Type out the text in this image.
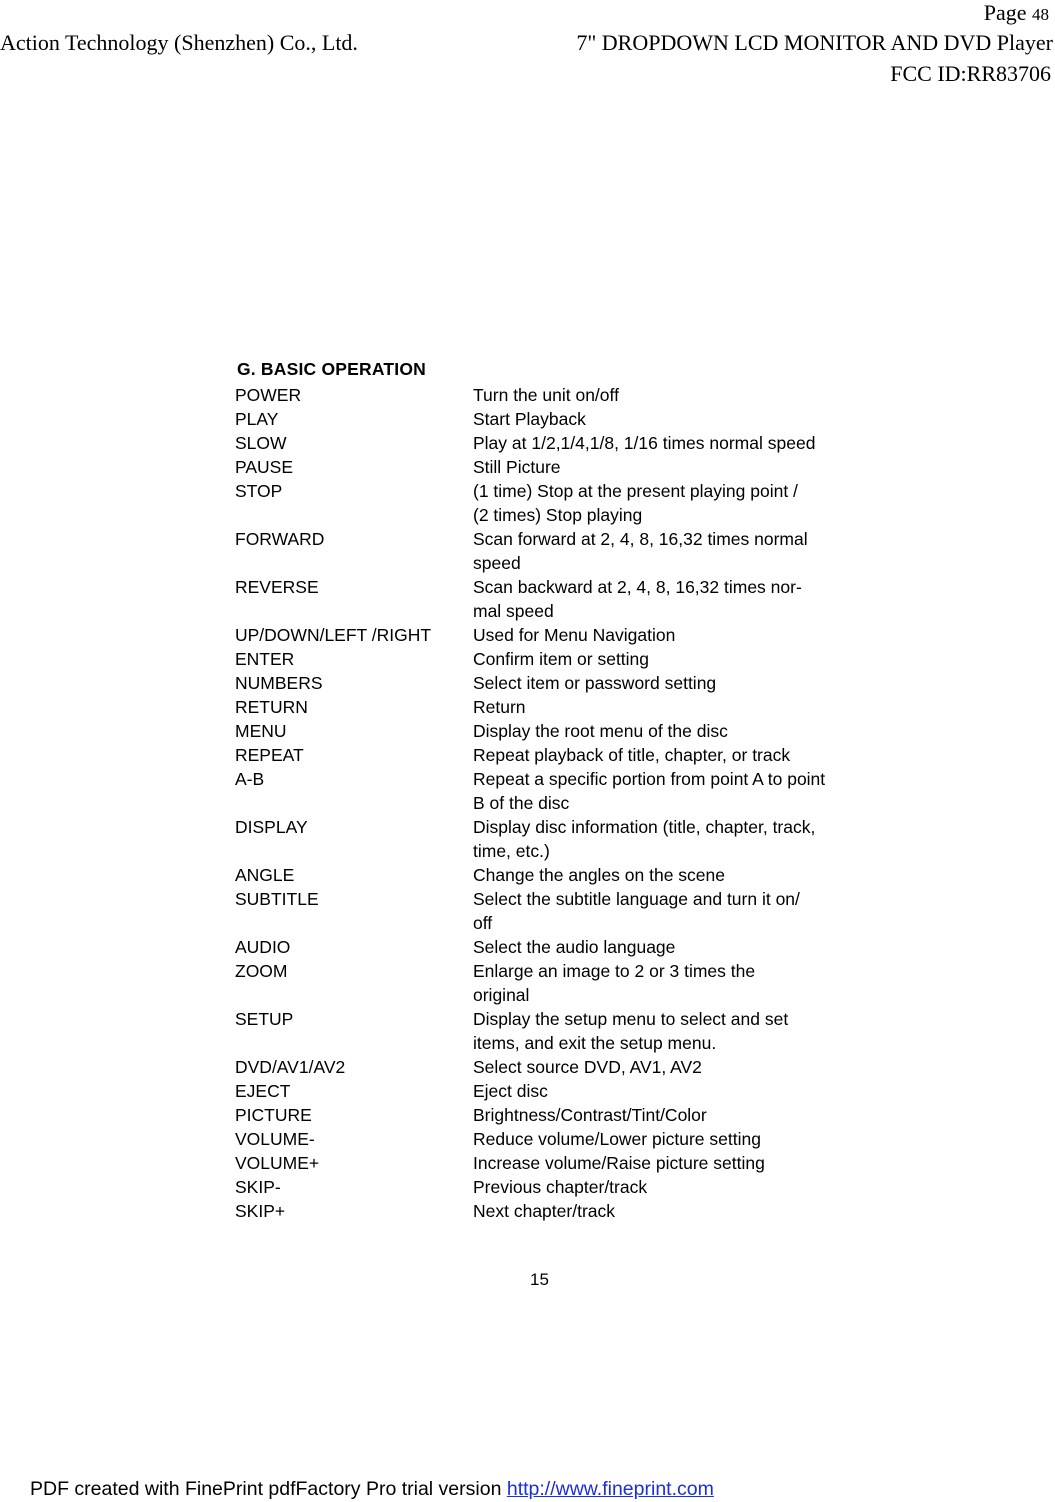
Page 48
Action Technology (Shenzhen) Co., Ltd.	7" DROPDOWN LCD MONITOR AND DVD Player
FCC ID:RR83706
G. BASIC OPERATION
POWER	Turn the unit on/off
PLAY	Start Playback
SLOW	Play at 1/2,1/4,1/8, 1/16 times normal speed
PAUSE	Still Picture
STOP	(1 time) Stop at the present playing point /
(2 times) Stop playing
FORWARD	Scan forward at 2, 4, 8, 16,32 times normal
speed
REVERSE	Scan backward at 2, 4, 8, 16,32 times nor-
mal speed
UP/DOWN/LEFT /RIGHT	Used for Menu Navigation
ENTER	Confirm item or setting
NUMBERS	Select item or password setting
RETURN	Return
MENU	Display the root menu of the disc
REPEAT	Repeat playback of title, chapter, or track
A-B	Repeat a specific portion from point A to point
B of the disc
DISPLAY	Display disc information (title, chapter, track,
time, etc.)
ANGLE	Change the angles on the scene
SUBTITLE	Select the subtitle language and turn it on/
off
AUDIO	Select the audio language
ZOOM	Enlarge an image to 2 or 3 times the
original
SETUP	Display the setup menu to select and set
items, and exit the setup menu.
DVD/AV1/AV2	Select source DVD, AV1, AV2
EJECT	Eject disc
PICTURE	Brightness/Contrast/Tint/Color
VOLUME-	Reduce volume/Lower picture setting
VOLUME+	Increase volume/Raise picture setting
SKIP-	Previous chapter/track
SKIP+	Next chapter/track
15
PDF created with FinePrint pdfFactory Pro trial version http://www.fineprint.com
